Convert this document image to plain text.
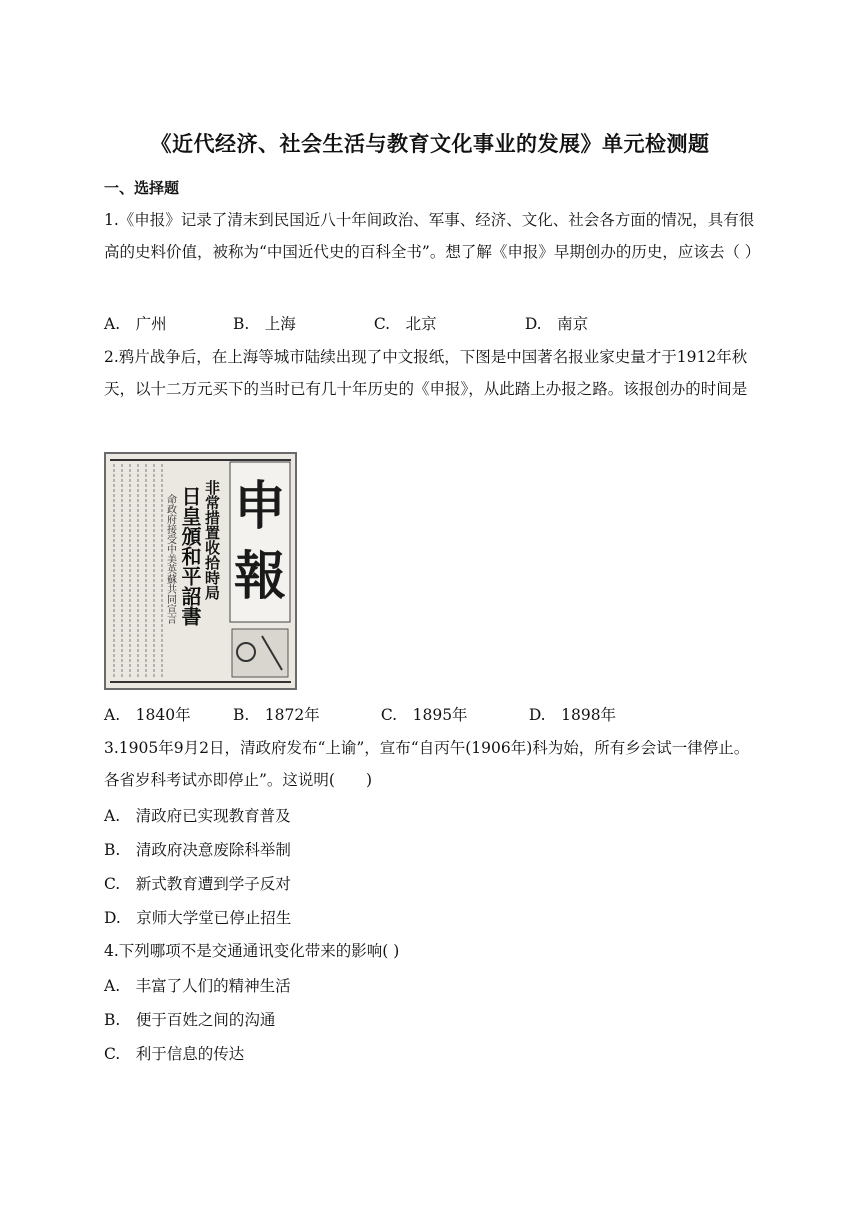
《近代经济、社会生活与教育文化事业的发展》单元检测题
一、选择题
1.《申报》记录了清末到民国近八十年间政治、军事、经济、文化、社会各方面的情况，具有很高的史料价值，被称为“中国近代史的百科全书”。想了解《申报》早期创办的历史，应该去（ ）
A.　广州	B.　上海	C.　北京	D.　南京
2.鸦片战争后，在上海等城市陆续出现了中文报纸，下图是中国著名报业家史量才于1912年秋天，以十二万元买下的当时已有几十年历史的《申报》，从此踏上办报之路。该报创办的时间是
申
報
非常措置收拾時局
日皇頒和平詔書
命政府接受中美英蘇共同宣言
A.　1840年	B.　1872年	C.　1895年	D.　1898年
3.1905年9月2日，清政府发布“上谕”，宣布“自丙午(1906年)科为始，所有乡会试一律停止。各省岁科考试亦即停止”。这说明(　　)
A.　清政府已实现教育普及
B.　清政府决意废除科举制
C.　新式教育遭到学子反对
D.　京师大学堂已停止招生
4.下列哪项不是交通通讯变化带来的影响( )
A.　丰富了人们的精神生活
B.　便于百姓之间的沟通
C.　利于信息的传达
